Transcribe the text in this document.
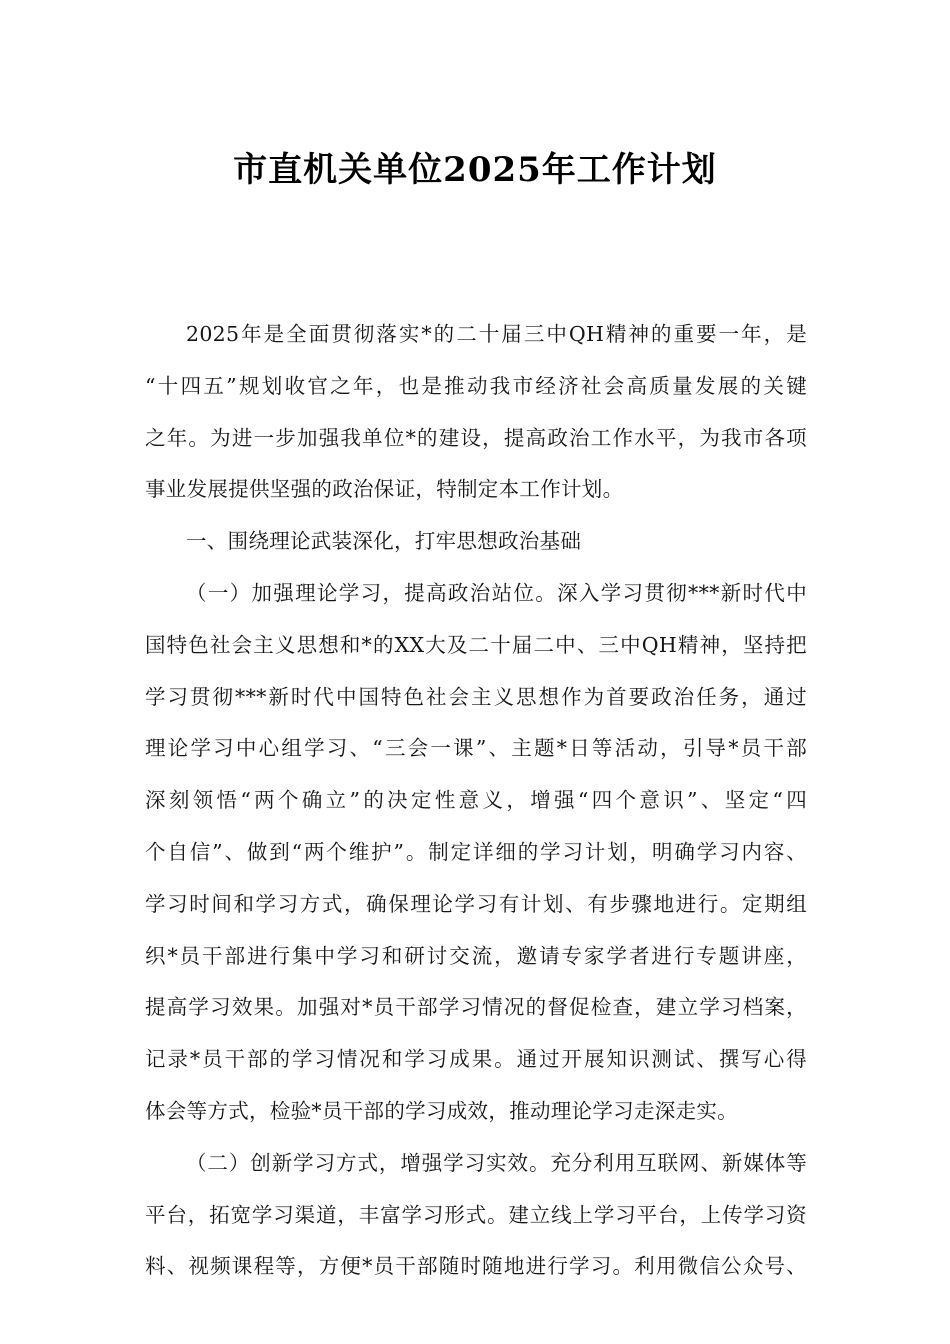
市直机关单位2025年工作计划

2025年是全面贯彻落实*的二十届三中QH精神的重要一年，是
“十四五”规划收官之年，也是推动我市经济社会高质量发展的关键
之年。为进一步加强我单位*的建设，提高政治工作水平，为我市各项
事业发展提供坚强的政治保证，特制定本工作计划。

一、围绕理论武装深化，打牢思想政治基础

（一）加强理论学习，提高政治站位。深入学习贯彻***新时代中
国特色社会主义思想和*的XX大及二十届二中、三中QH精神，坚持把
学习贯彻***新时代中国特色社会主义思想作为首要政治任务，通过
理论学习中心组学习、“三会一课”、主题*日等活动，引导*员干部
深刻领悟“两个确立”的决定性意义，增强“四个意识”、坚定“四
个自信”、做到“两个维护”。制定详细的学习计划，明确学习内容、
学习时间和学习方式，确保理论学习有计划、有步骤地进行。定期组
织*员干部进行集中学习和研讨交流，邀请专家学者进行专题讲座，
提高学习效果。加强对*员干部学习情况的督促检查，建立学习档案，
记录*员干部的学习情况和学习成果。通过开展知识测试、撰写心得
体会等方式，检验*员干部的学习成效，推动理论学习走深走实。

（二）创新学习方式，增强学习实效。充分利用互联网、新媒体等
平台，拓宽学习渠道，丰富学习形式。建立线上学习平台，上传学习资
料、视频课程等，方便*员干部随时随地进行学习。利用微信公众号、
